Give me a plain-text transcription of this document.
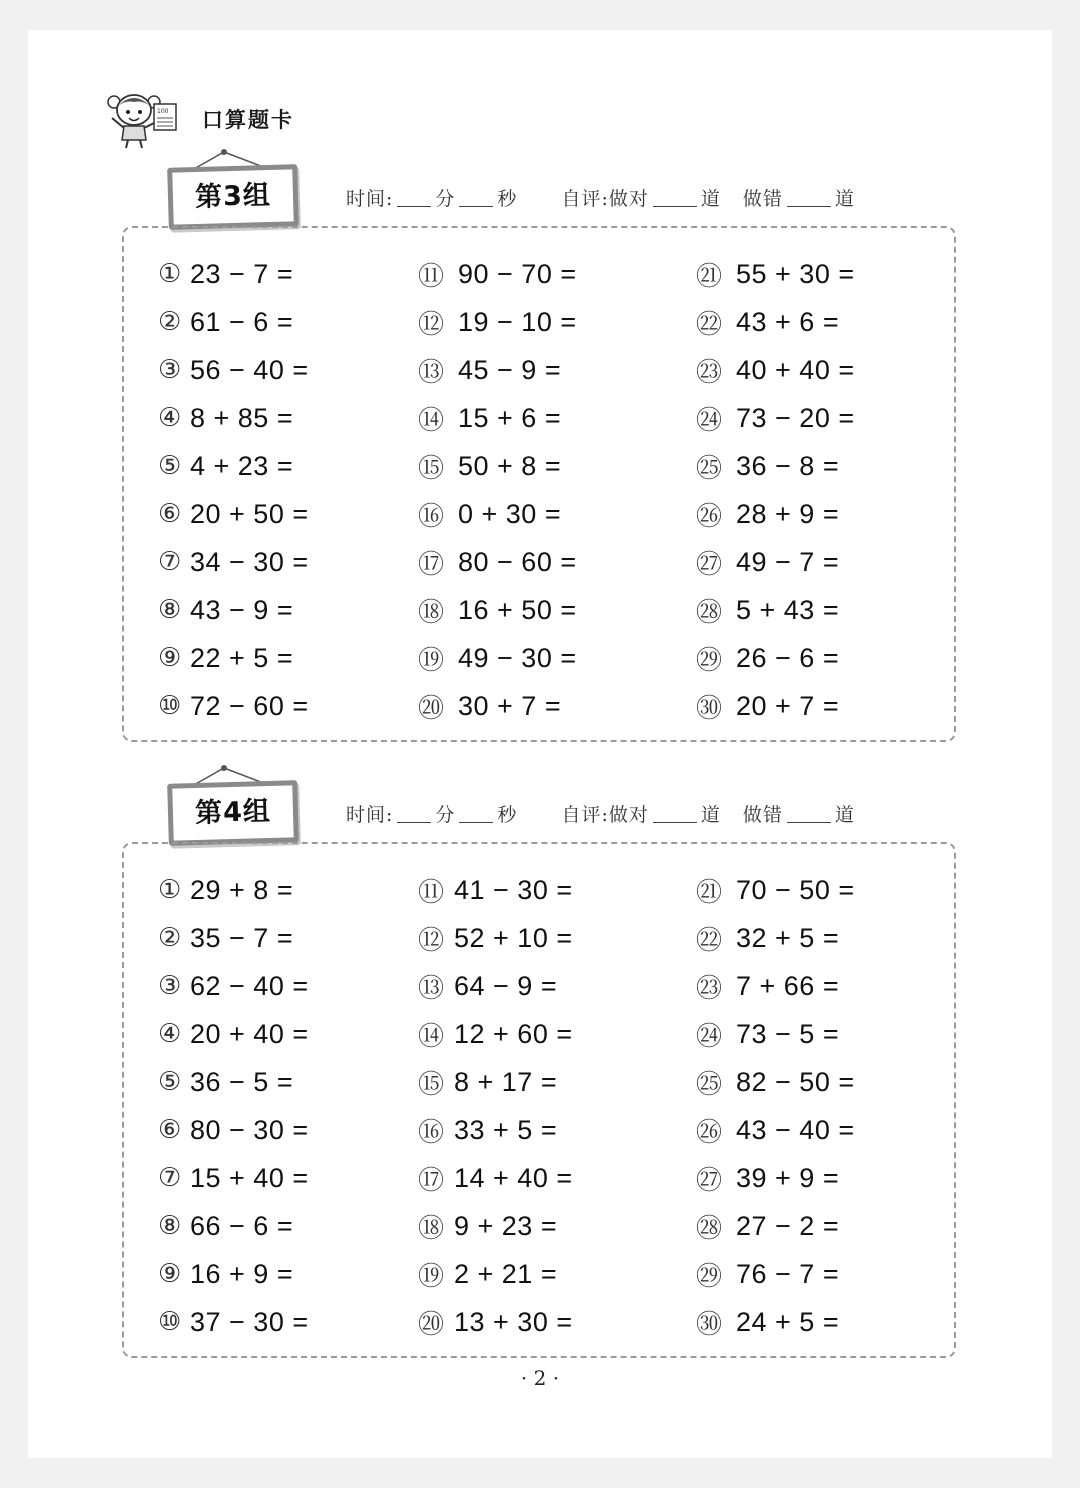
100 口算题卡
第3组	时间: 分 秒 自评:做对	道 做错	道
① 23 − 7 =
② 61 − 6 =
③ 56 − 40 =
④ 8 + 85 =
⑤ 4 + 23 =
⑥ 20 + 50 =
⑦ 34 − 30 =
⑧ 43 − 9 =
⑨ 22 + 5 =
⑩ 72 − 60 =
⑪ 90 − 70 =
⑫ 19 − 10 =
⑬ 45 − 9 =
⑭ 15 + 6 =
⑮ 50 + 8 =
⑯ 0 + 30 =
⑰ 80 − 60 =
⑱ 16 + 50 =
⑲ 49 − 30 =
⑳ 30 + 7 =
㉑ 55 + 30 =
㉒ 43 + 6 =
㉓ 40 + 40 =
㉔ 73 − 20 =
㉕ 36 − 8 =
㉖ 28 + 9 =
㉗ 49 − 7 =
㉘ 5 + 43 =
㉙ 26 − 6 =
㉚ 20 + 7 =
第4组	时间: 分 秒 自评:做对	道 做错	道
① 29 + 8 =
② 35 − 7 =
③ 62 − 40 =
④ 20 + 40 =
⑤ 36 − 5 =
⑥ 80 − 30 =
⑦ 15 + 40 =
⑧ 66 − 6 =
⑨ 16 + 9 =
⑩ 37 − 30 =
⑪ 41 − 30 =
⑫ 52 + 10 =
⑬ 64 − 9 =
⑭ 12 + 60 =
⑮ 8 + 17 =
⑯ 33 + 5 =
⑰ 14 + 40 =
⑱ 9 + 23 =
⑲ 2 + 21 =
⑳ 13 + 30 =
㉑ 70 − 50 =
㉒ 32 + 5 =
㉓ 7 + 66 =
㉔ 73 − 5 =
㉕ 82 − 50 =
㉖ 43 − 40 =
㉗ 39 + 9 =
㉘ 27 − 2 =
㉙ 76 − 7 =
㉚ 24 + 5 =
· 2 ·
